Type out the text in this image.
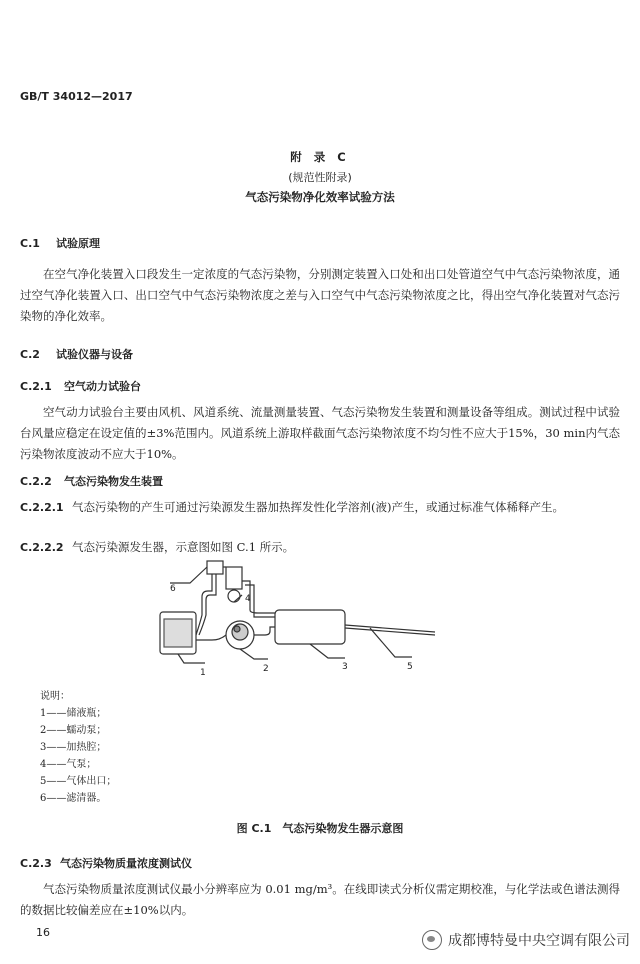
GB/T 34012—2017
附 录 C
(规范性附录)
气态污染物净化效率试验方法
C.1 试验原理
在空气净化装置入口段发生一定浓度的气态污染物，分别测定装置入口处和出口处管道空气中气态污染物浓度，通过空气净化装置入口、出口空气中气态污染物浓度之差与入口空气中气态污染物浓度之比，得出空气净化装置对气态污染物的净化效率。
C.2 试验仪器与设备
C.2.1 空气动力试验台
空气动力试验台主要由风机、风道系统、流量测量装置、气态污染物发生装置和测量设备等组成。测试过程中试验台风量应稳定在设定值的±3%范围内。风道系统上游取样截面气态污染物浓度不均匀性不应大于15%，30 min内气态污染物浓度波动不应大于10%。
C.2.2 气态污染物发生装置
C.2.2.1 气态污染物的产生可通过污染源发生器加热挥发性化学溶剂(液)产生，或通过标准气体稀释产生。
C.2.2.2 气态污染源发生器，示意图如图 C.1 所示。
1	2	3
4
5
6
说明：
1——储液瓶；
2——蠕动泵；
3——加热腔；
4——气泵；
5——气体出口；
6——滤清器。
图 C.1　气态污染物发生器示意图
C.2.3 气态污染物质量浓度测试仪
气态污染物质量浓度测试仪最小分辨率应为 0.01 mg/m³。在线即读式分析仪需定期校准，与化学法或色谱法测得的数据比较偏差应在±10%以内。
16
成都博特曼中央空调有限公司
